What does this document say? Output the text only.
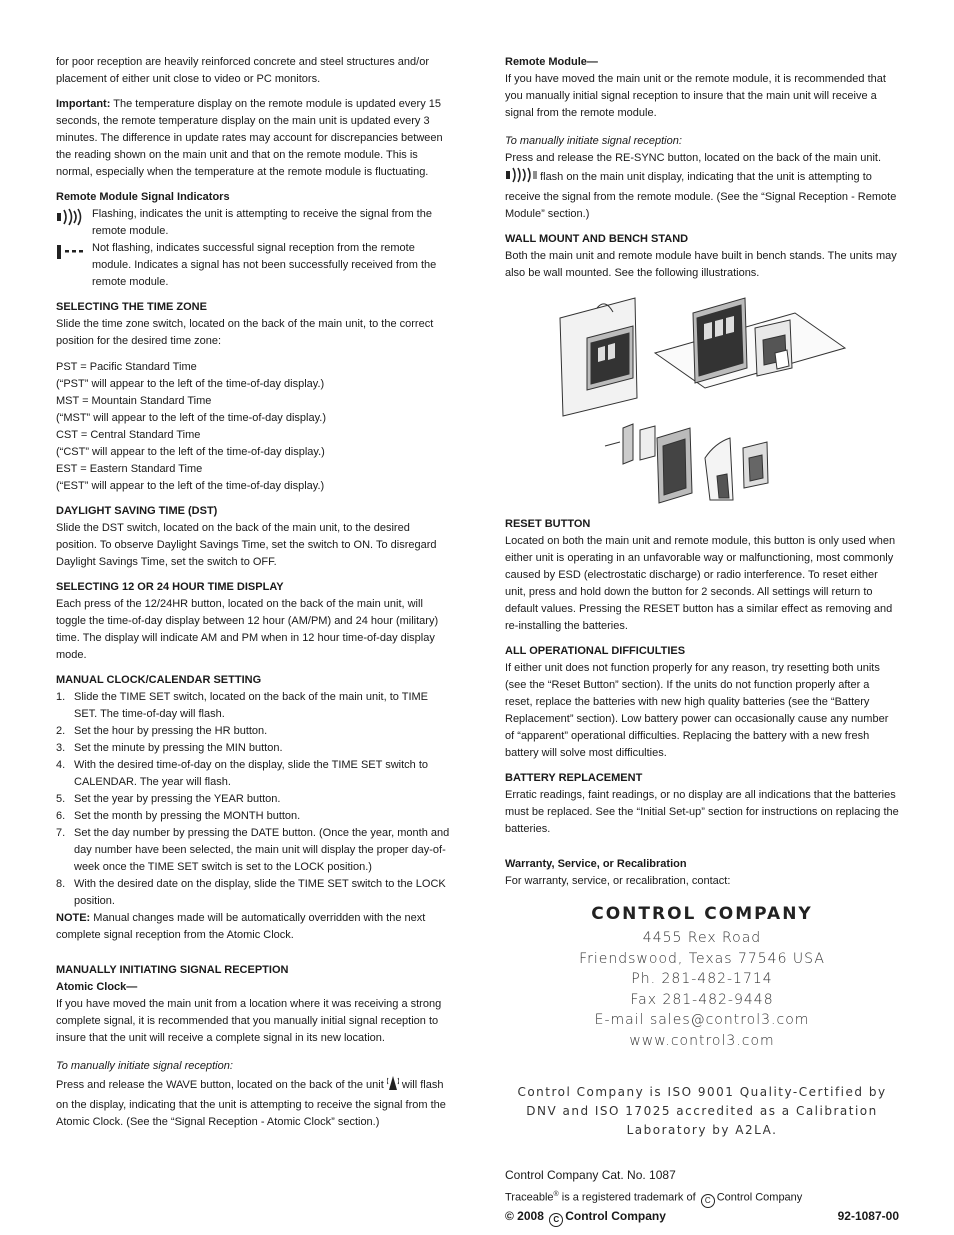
for poor reception are heavily reinforced concrete and steel structures and/or placement of either unit close to video or PC monitors.

Important: The temperature display on the remote module is updated every 15 seconds, the remote temperature display on the main unit is updated every 3 minutes. The difference in update rates may account for discrepancies between the reading shown on the main unit and that on the remote module. This is normal, especially when the temperature at the remote module is fluctuating.

Remote Module Signal Indicators
Flashing, indicates the unit is attempting to receive the signal from the remote module.
Not flashing, indicates successful signal reception from the remote module. Indicates a signal has not been successfully received from the remote module.
SELECTING THE TIME ZONE

Slide the time zone switch, located on the back of the main unit, to the correct position for the desired time zone:

PST = Pacific Standard Time

(“PST” will appear to the left of the time-of-day display.)

MST = Mountain Standard Time

(“MST” will appear to the left of the time-of-day display.)

CST = Central Standard Time

(“CST” will appear to the left of the time-of-day display.)

EST = Eastern Standard Time

(“EST” will appear to the left of the time-of-day display.)

DAYLIGHT SAVING TIME (DST)

Slide the DST switch, located on the back of the main unit, to the desired position. To observe Daylight Savings Time, set the switch to ON. To disregard Daylight Savings Time, set the switch to OFF.

SELECTING 12 OR 24 HOUR TIME DISPLAY

Each press of the 12/24HR button, located on the back of the main unit, will toggle the time-of-day display between 12 hour (AM/PM) and 24 hour (military) time. The display will indicate AM and PM when in 12 hour time-of-day display mode.

MANUAL CLOCK/CALENDAR SETTING
1. Slide the TIME SET switch, located on the back of the main unit, to TIME SET. The time-of-day will flash.
2. Set the hour by pressing the HR button.
3. Set the minute by pressing the MIN button.
4. With the desired time-of-day on the display, slide the TIME SET switch to CALENDAR. The year will flash.
5. Set the year by pressing the YEAR button.
6. Set the month by pressing the MONTH button.
7. Set the day number by pressing the DATE button. (Once the year, month and day number have been selected, the main unit will display the proper day-of-week once the TIME SET switch is set to the LOCK position.)
8. With the desired date on the display, slide the TIME SET switch to the LOCK position.

NOTE: Manual changes made will be automatically overridden with the next complete signal reception from the Atomic Clock.

MANUALLY INITIATING SIGNAL RECEPTION
Atomic Clock—

If you have moved the main unit from a location where it was receiving a strong complete signal, it is recommended that you manually initial signal reception to insure that the unit will receive a complete signal in its new location.

To manually initiate signal reception:

Press and release the WAVE button, located on the back of the unit will flash on the display, indicating that the unit is attempting to receive the signal from the Atomic Clock. (See the “Signal Reception - Atomic Clock” section.)

Remote Module—

If you have moved the main unit or the remote module, it is recommended that you manually initial signal reception to insure that the main unit will receive a signal from the remote module.

To manually initiate signal reception:

Press and release the RE-SYNC button, located on the back of the main unit.  flash on the main unit display, indicating that the unit is attempting to receive the signal from the remote module. (See the “Signal Reception - Remote Module” section.)

WALL MOUNT AND BENCH STAND

Both the main unit and remote module have built in bench stands. The units may also be wall mounted. See the following illustrations.

RESET BUTTON

Located on both the main unit and remote module, this button is only used when either unit is operating in an unfavorable way or malfunctioning, most commonly caused by ESD (electrostatic discharge) or radio interference. To reset either unit, press and hold down the button for 2 seconds. All settings will return to default values. Pressing the RESET button has a similar effect as removing and re-installing the batteries.

ALL OPERATIONAL DIFFICULTIES

If either unit does not function properly for any reason, try resetting both units (see the “Reset Button” section). If the units do not function properly after a reset, replace the batteries with new high quality batteries (see the “Battery Replacement” section). Low battery power can occasionally cause any number of “apparent” operational difficulties. Replacing the battery with a new fresh battery will solve most difficulties.

BATTERY REPLACEMENT

Erratic readings, faint readings, or no display are all indications that the batteries must be replaced. See the “Initial Set-up” section for instructions on replacing the batteries.

Warranty, Service, or Recalibration
For warranty, service, or recalibration, contact:
CONTROL COMPANY
4455 Rex Road
Friendswood, Texas 77546 USA
Ph. 281-482-1714
Fax 281-482-9448
E-mail sales@control3.com
www.control3.com
Control Company is ISO 9001 Quality-Certified by DNV and ISO 17025 accredited as a Calibration Laboratory by A2LA.
Control Company Cat. No. 1087
Traceable® is a registered trademark of C Control Company
© 2008 C Control Company	92-1087-00
